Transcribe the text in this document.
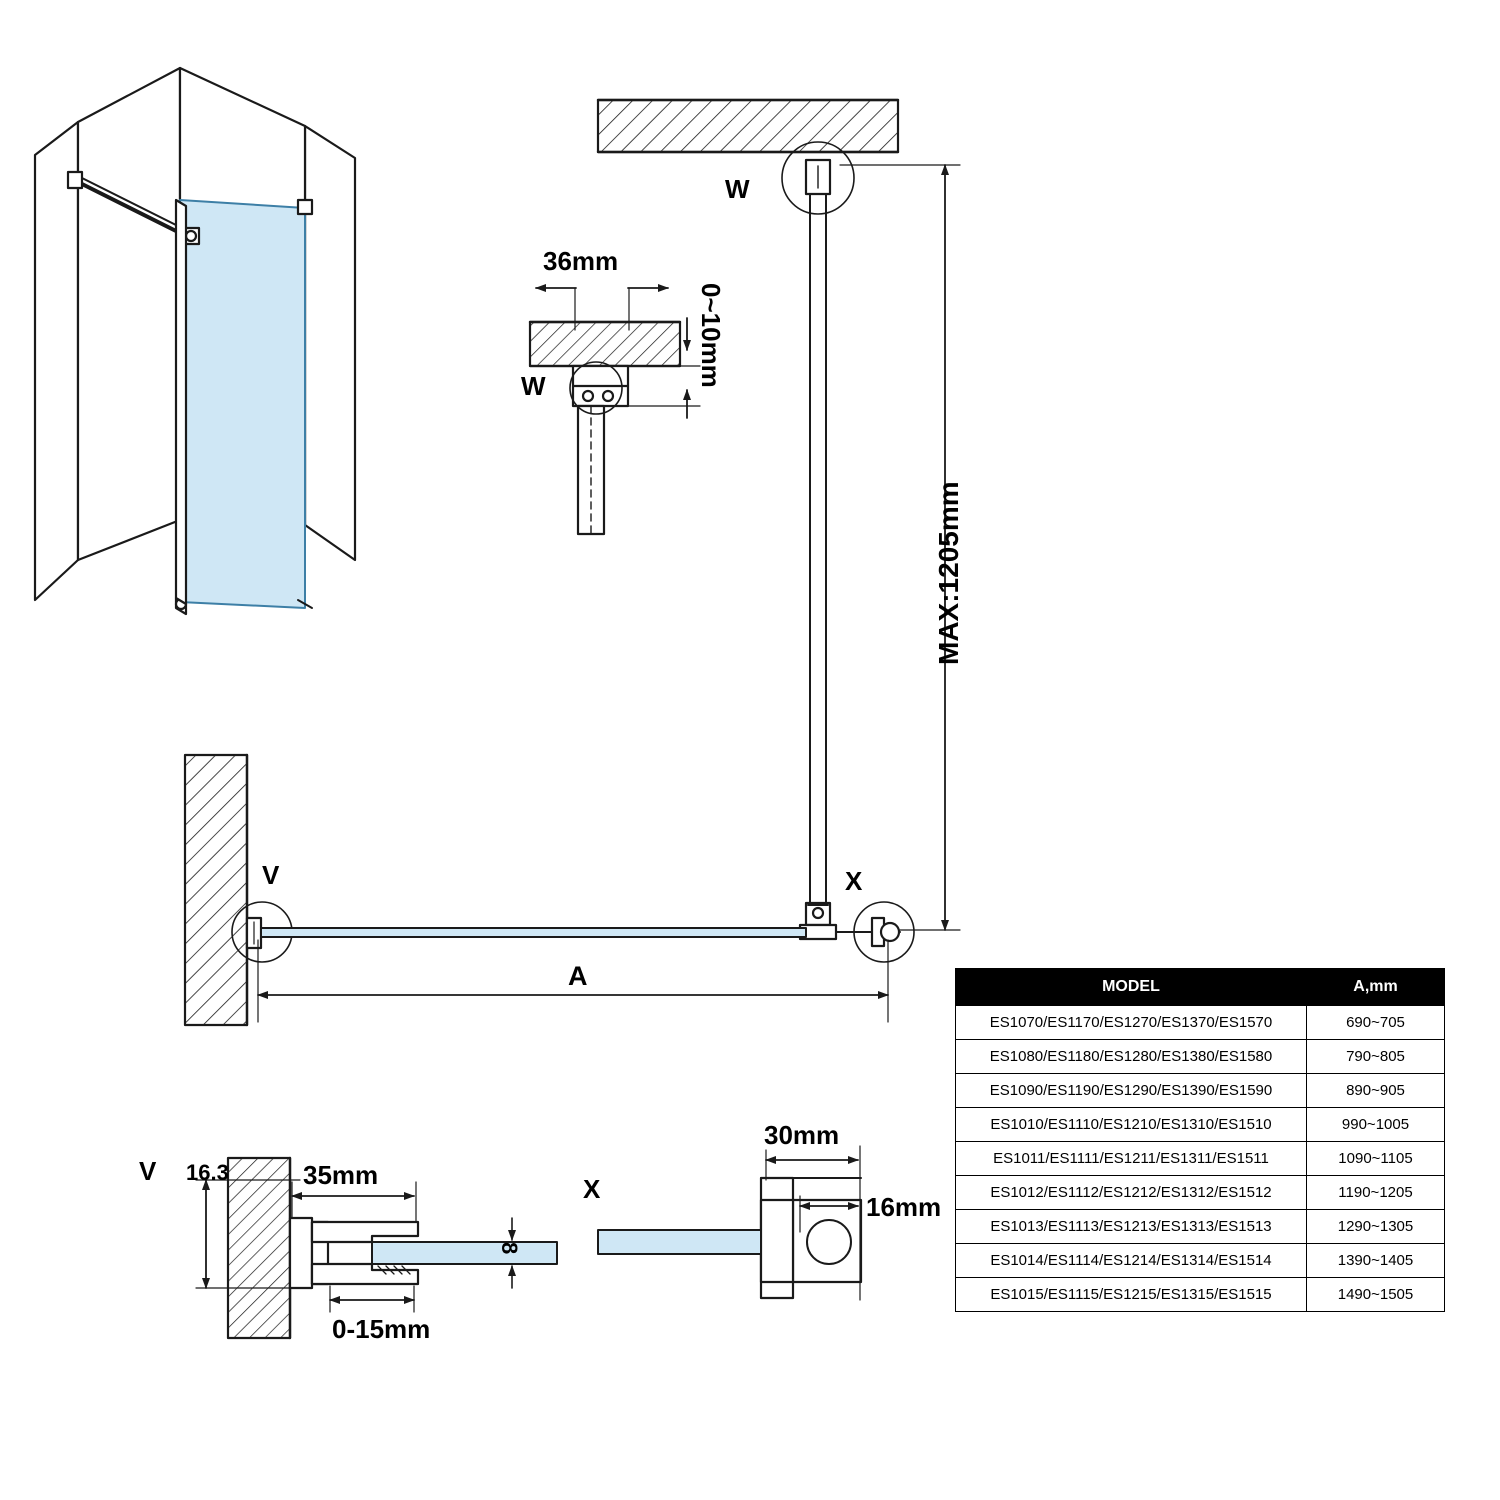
W
W
36mm
0~10mm
MAX:1205mm
V	X
A
V 16.3	35mm
8
0-15mm
X
30mm
16mm
MODEL	A,mm
ES1070/ES1170/ES1270/ES1370/ES1570	690~705
ES1080/ES1180/ES1280/ES1380/ES1580	790~805
ES1090/ES1190/ES1290/ES1390/ES1590	890~905
ES1010/ES1110/ES1210/ES1310/ES1510	990~1005
ES1011/ES1111/ES1211/ES1311/ES1511	1090~1105
ES1012/ES1112/ES1212/ES1312/ES1512	1190~1205
ES1013/ES1113/ES1213/ES1313/ES1513	1290~1305
ES1014/ES1114/ES1214/ES1314/ES1514	1390~1405
ES1015/ES1115/ES1215/ES1315/ES1515	1490~1505
